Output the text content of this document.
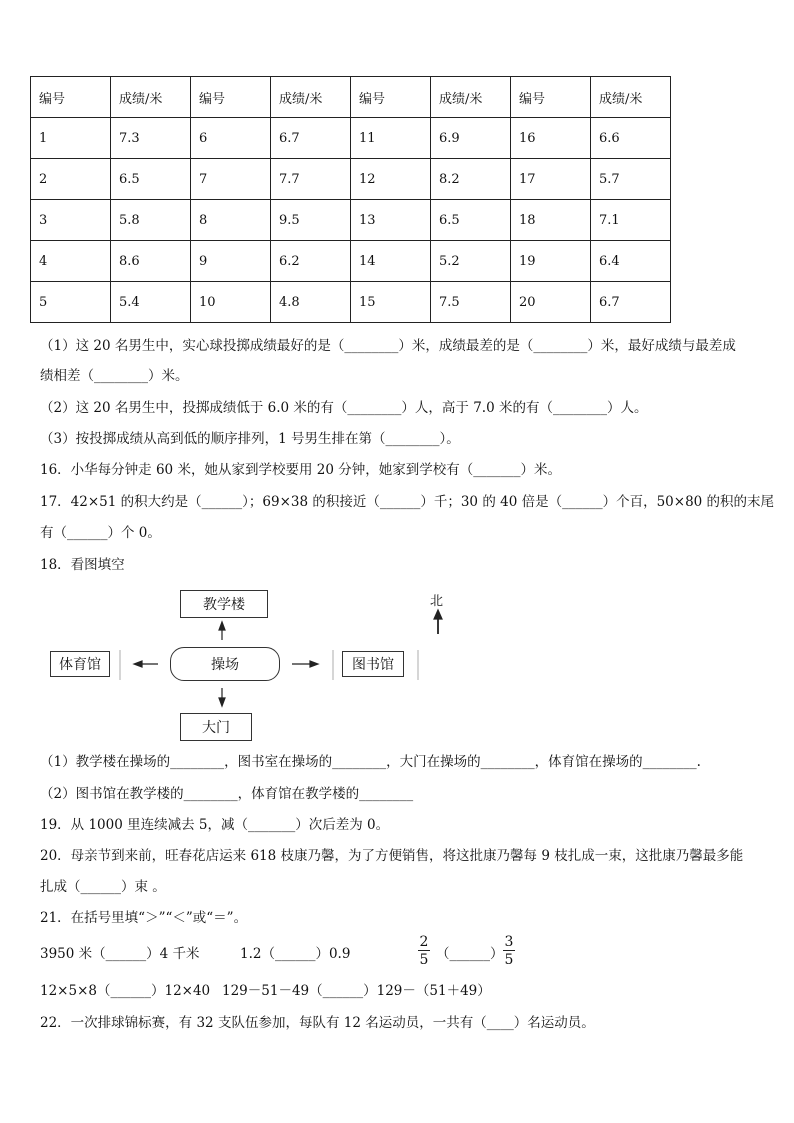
编号	成绩/米	编号	成绩/米	编号	成绩/米	编号	成绩/米
1	7.3	6	6.7	11	6.9	16	6.6
2	6.5	7	7.7	12	8.2	17	5.7
3	5.8	8	9.5	13	6.5	18	7.1
4	8.6	9	6.2	14	5.2	19	6.4
5	5.4	10	4.8	15	7.5	20	6.7
（1）这 20 名男生中，实心球投掷成绩最好的是（________）米，成绩最差的是（________）米，最好成绩与最差成
绩相差（________）米。
（2）这 20 名男生中，投掷成绩低于 6.0 米的有（________）人，高于 7.0 米的有（________）人。
（3）按投掷成绩从高到低的顺序排列，1 号男生排在第（________）。
16．小华每分钟走 60 米，她从家到学校要用 20 分钟，她家到学校有（_______）米。
17．42×51 的积大约是（______）；69×38 的积接近（______）千；30 的 40 倍是（______）个百，50×80 的积的末尾
有（______）个 0。
18．看图填空
教学楼
操场
体育馆	图书馆
大门
北
（1）教学楼在操场的________，图书室在操场的________，大门在操场的________，体育馆在操场的________.
（2）图书馆在教学楼的________，体育馆在教学楼的________
19．从 1000 里连续减去 5，减（_______）次后差为 0。
20．母亲节到来前，旺春花店运来 618 枝康乃馨，为了方便销售，将这批康乃馨每 9 枝扎成一束，这批康乃馨最多能
扎成（______）束 。
21．在括号里填“＞”“＜”或“＝”。
3950 米（______）4 千米	1.2（______）0.9	$\frac{2}{5}$ （______） $\frac{3}{5}$
12×5×8（______）12×40 129－51－49（______）129－（51＋49）
22．一次排球锦标赛，有 32 支队伍参加，每队有 12 名运动员，一共有（____）名运动员。
